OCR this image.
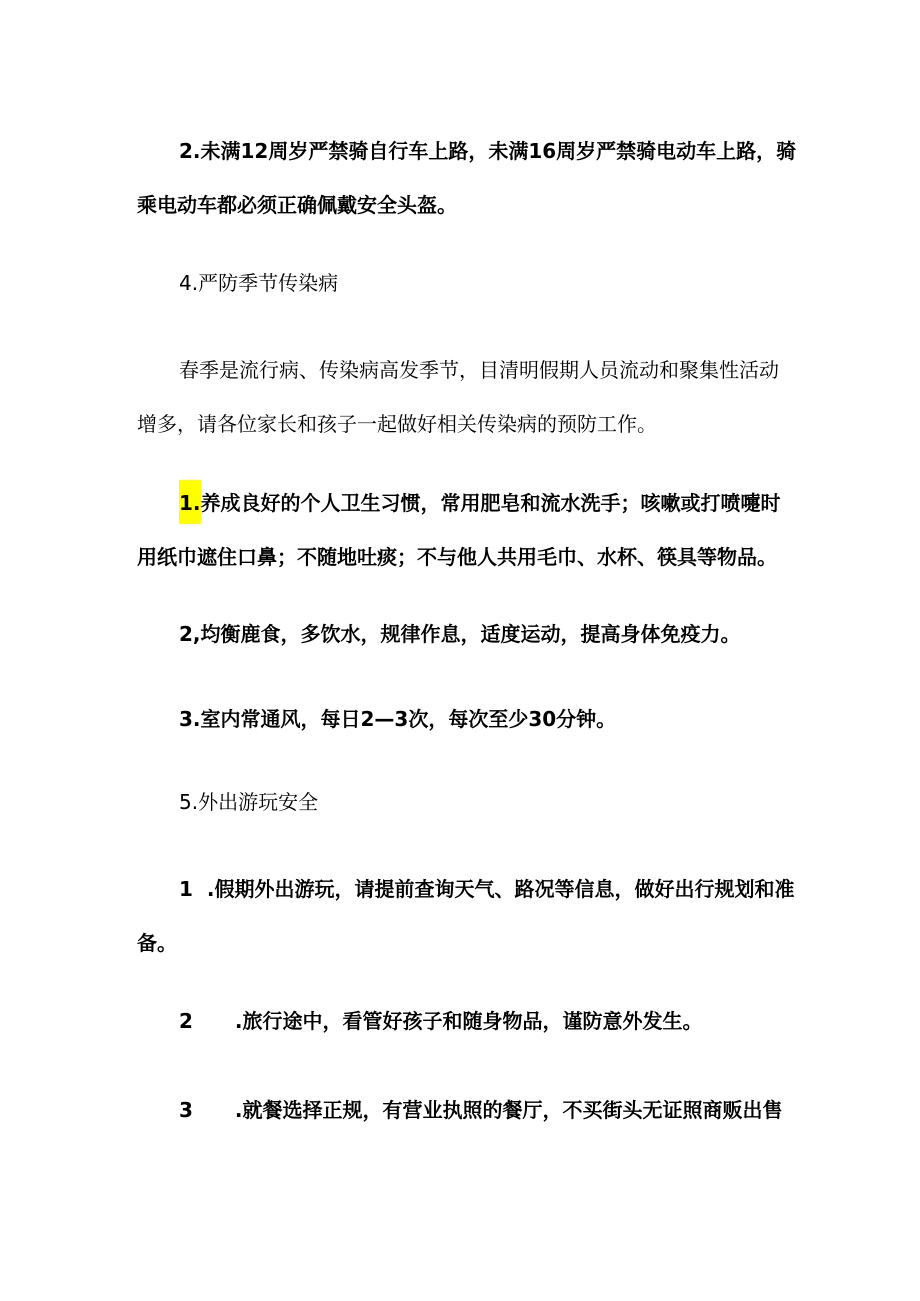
2.未满12周岁严禁骑自行车上路，未满16周岁严禁骑电动车上路，骑
乘电动车都必须正确佩戴安全头盔。

4.严防季节传染病

春季是流行病、传染病高发季节，目清明假期人员流动和聚集性活动
增多，请各位家长和孩子一起做好相关传染病的预防工作。

1.养成良好的个人卫生习惯，常用肥皂和流水洗手；咳嗽或打喷嚏时
用纸巾遮住口鼻；不随地吐痰；不与他人共用毛巾、水杯、筷具等物品。

2,均衡鹿食，多饮水，规律作息，适度运动，提高身体免疫力。

3.室内常通风，每日2—3次，每次至少30分钟。

5.外出游玩安全

1 .假期外出游玩，请提前查询天气、路况等信息，做好出行规划和准
备。

2 .旅行途中，看管好孩子和随身物品，谨防意外发生。

3 .就餐选择正规，有营业执照的餐厅，不买街头无证照商贩出售
